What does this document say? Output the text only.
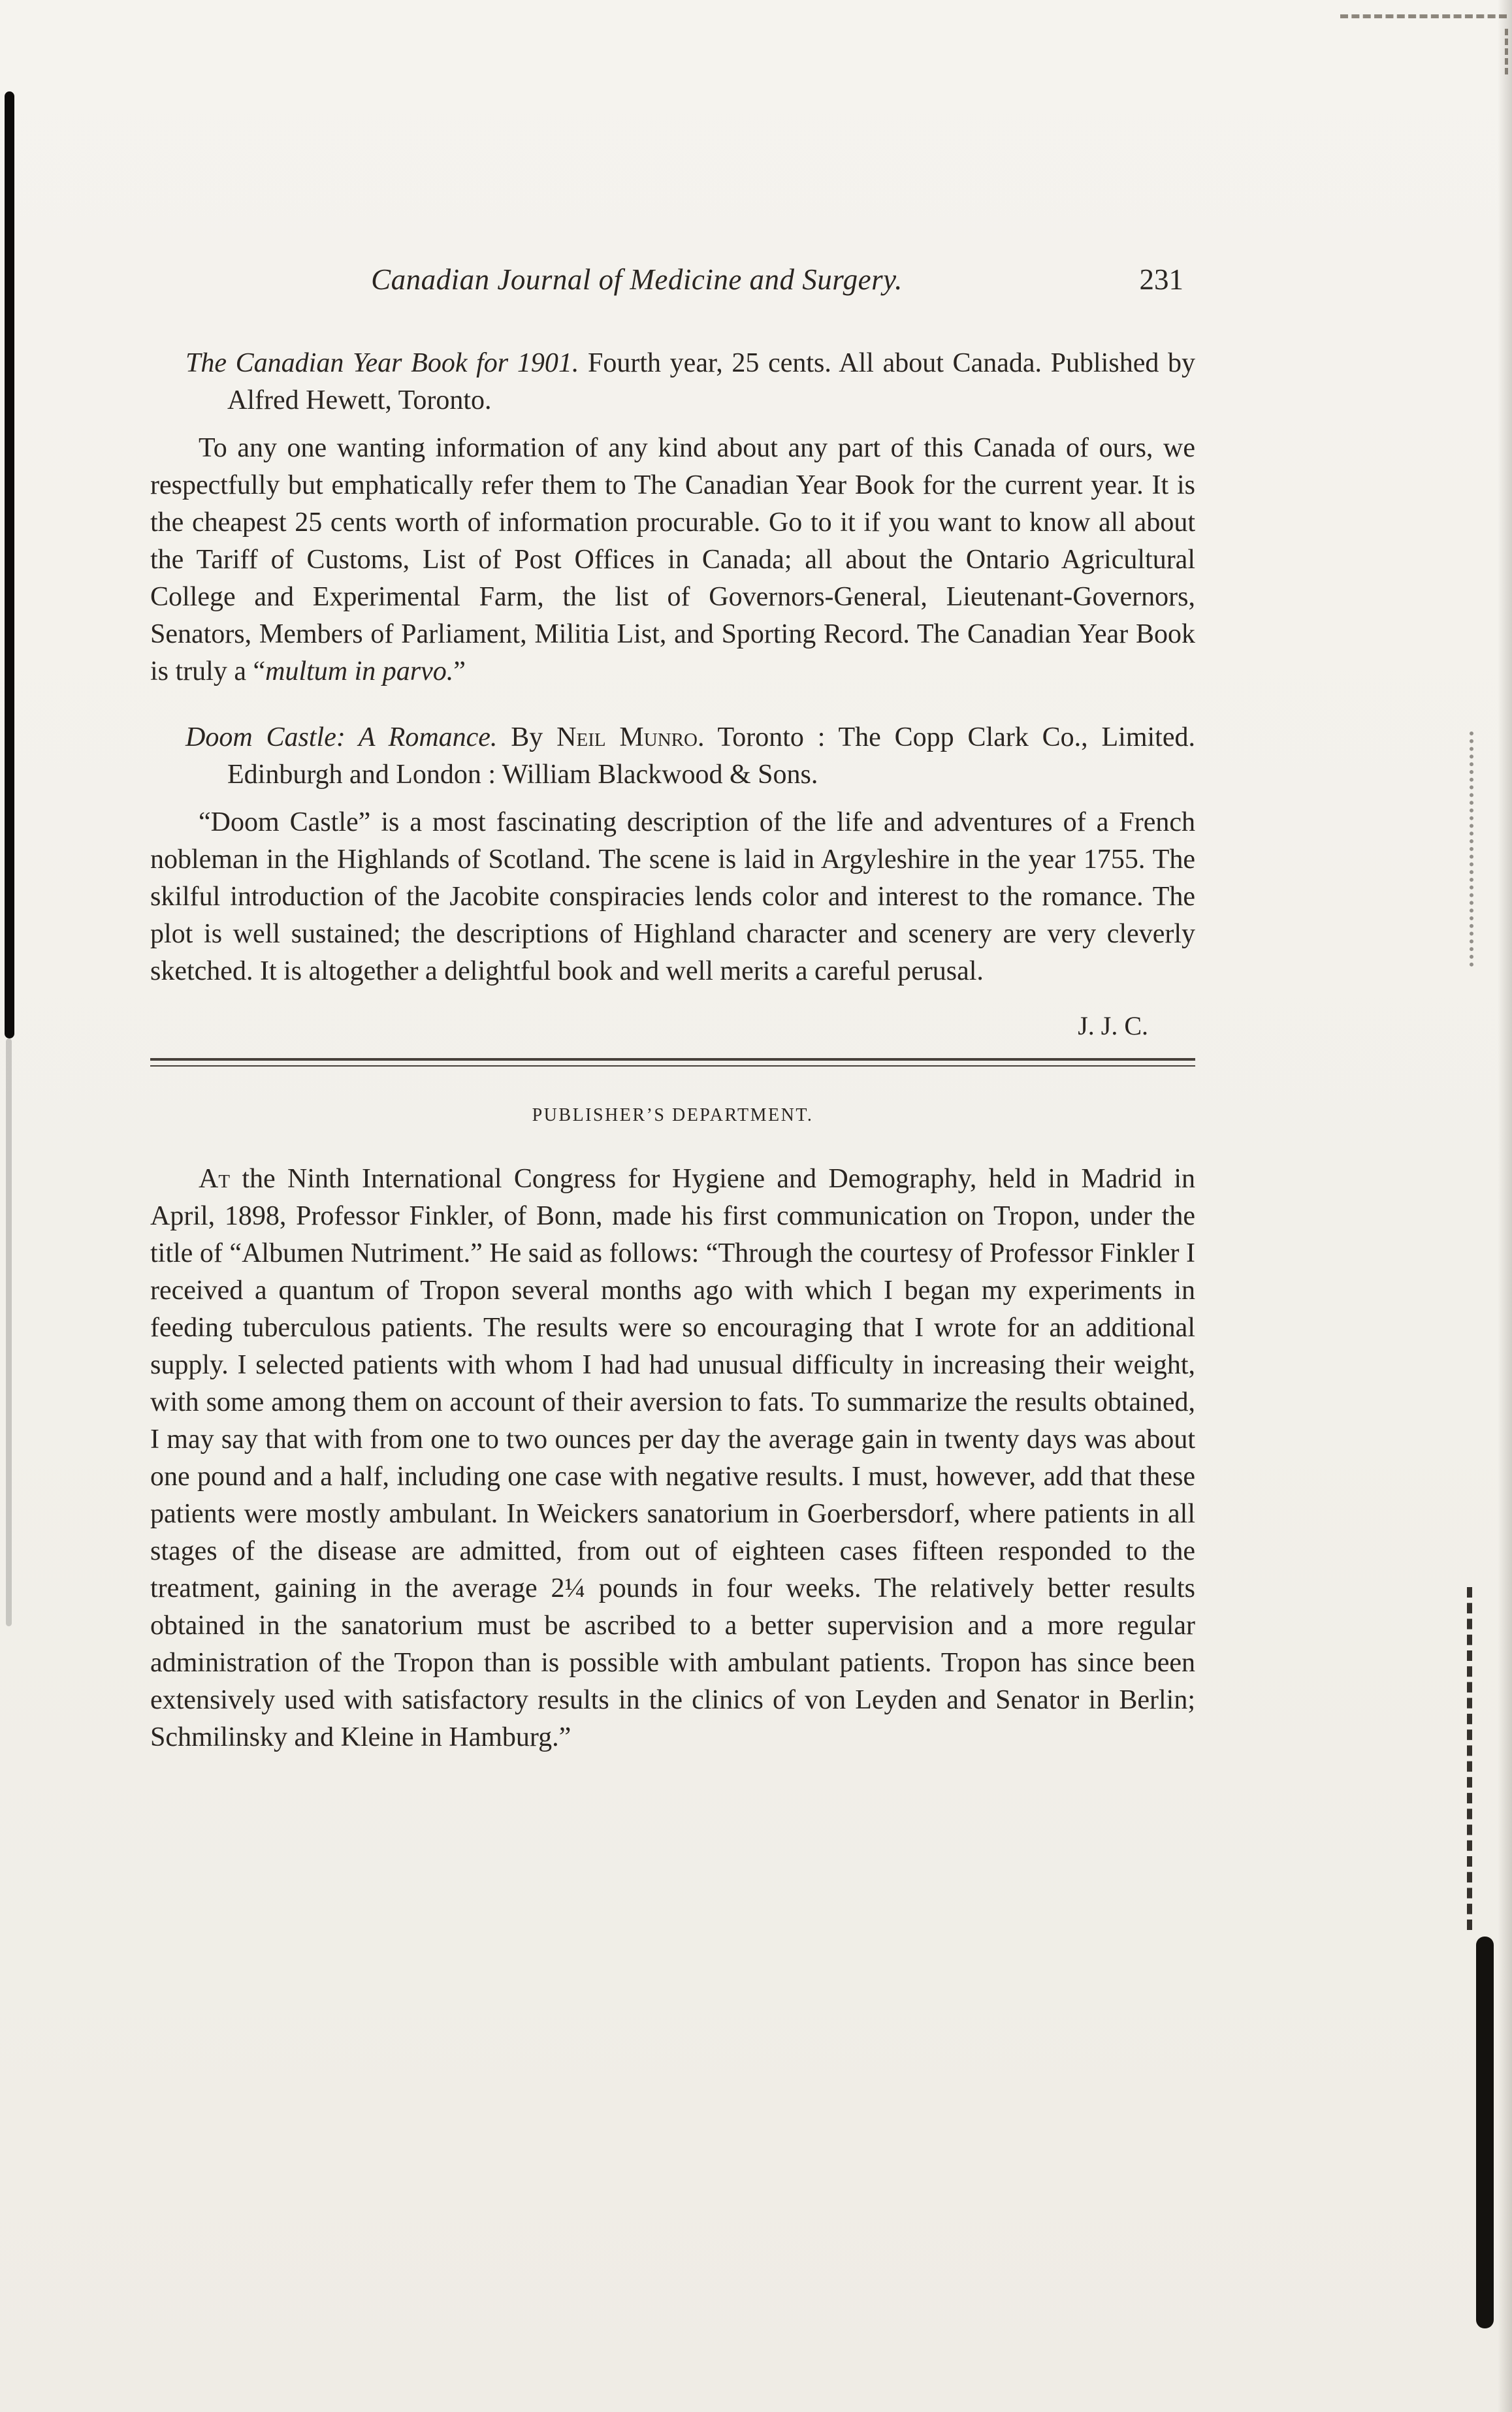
Canadian Journal of Medicine and Surgery.	231

The Canadian Year Book for 1901. Fourth year, 25 cents. All about Canada. Published by Alfred Hewett, Toronto.

To any one wanting information of any kind about any part of this Canada of ours, we respectfully but emphatically refer them to The Canadian Year Book for the current year. It is the cheapest 25 cents worth of information procurable. Go to it if you want to know all about the Tariff of Customs, List of Post Offices in Canada; all about the Ontario Agricultural College and Experimental Farm, the list of Governors-General, Lieutenant-Governors, Senators, Members of Parliament, Militia List, and Sporting Record. The Canadian Year Book is truly a “multum in parvo.”

Doom Castle: A Romance. By Neil Munro. Toronto : The Copp Clark Co., Limited. Edinburgh and London : William Blackwood & Sons.

“Doom Castle” is a most fascinating description of the life and adventures of a French nobleman in the Highlands of Scotland. The scene is laid in Argyleshire in the year 1755. The skilful introduction of the Jacobite conspiracies lends color and interest to the romance. The plot is well sustained; the descriptions of Highland character and scenery are very cleverly sketched. It is altogether a delightful book and well merits a careful perusal.

J. J. C.
PUBLISHER’S DEPARTMENT.

At the Ninth International Congress for Hygiene and Demography, held in Madrid in April, 1898, Professor Finkler, of Bonn, made his first communication on Tropon, under the title of “Albumen Nutriment.” He said as follows: “Through the courtesy of Professor Finkler I received a quantum of Tropon several months ago with which I began my experiments in feeding tuberculous patients. The results were so encouraging that I wrote for an additional supply. I selected patients with whom I had had unusual difficulty in increasing their weight, with some among them on account of their aversion to fats. To summarize the results obtained, I may say that with from one to two ounces per day the average gain in twenty days was about one pound and a half, including one case with negative results. I must, however, add that these patients were mostly ambulant. In Weickers sanatorium in Goerbersdorf, where patients in all stages of the disease are admitted, from out of eighteen cases fifteen responded to the treatment, gaining in the average 2¼ pounds in four weeks. The relatively better results obtained in the sanatorium must be ascribed to a better supervision and a more regular administration of the Tropon than is possible with ambulant patients. Tropon has since been extensively used with satisfactory results in the clinics of von Leyden and Senator in Berlin; Schmilinsky and Kleine in Hamburg.”
